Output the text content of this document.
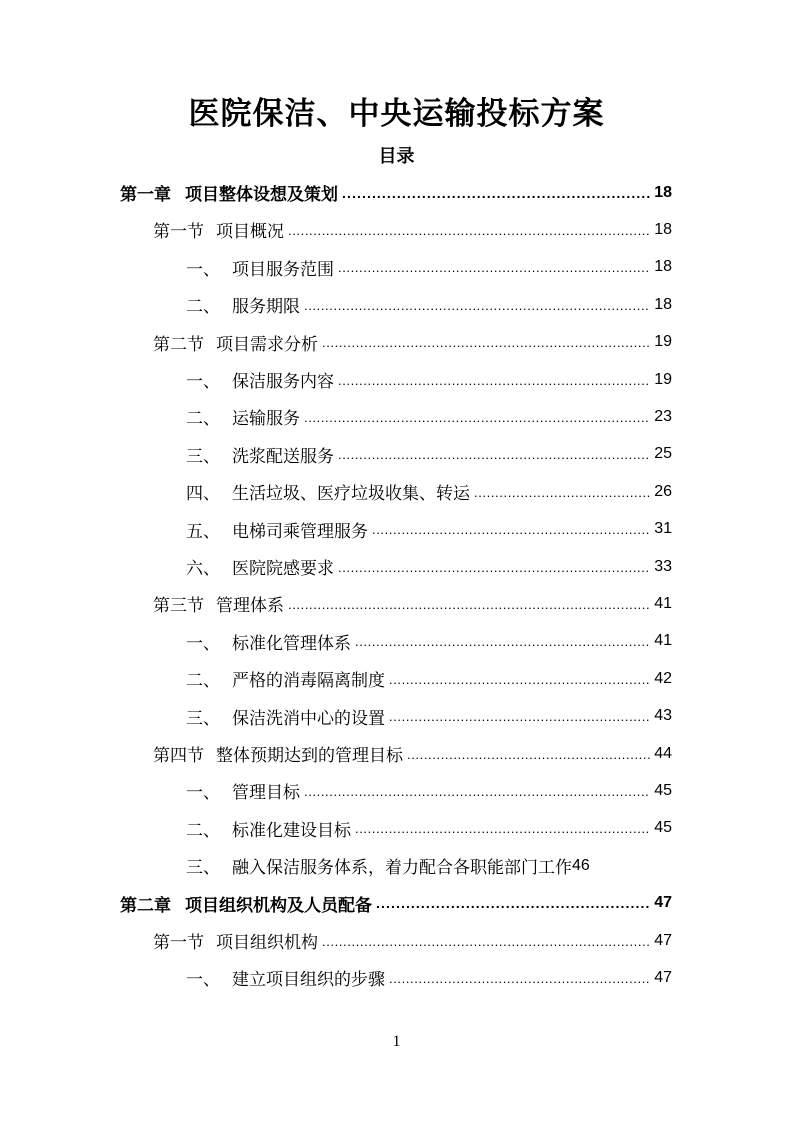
医院保洁、中央运输投标方案
目录
第一章 项目整体设想及策划 .....	18
第一节 项目概况 .....	18
一、 项目服务范围 .....	18
二、 服务期限 .....	18
第二节 项目需求分析 .....	19
一、 保洁服务内容 .....	19
二、 运输服务 .....	23
三、 洗浆配送服务 .....	25
四、 生活垃圾、医疗垃圾收集、转运 .....	26
五、 电梯司乘管理服务 .....	31
六、 医院院感要求 .....	33
第三节 管理体系 .....	41
一、 标准化管理体系 .....	41
二、 严格的消毒隔离制度 .....	42
三、 保洁洗消中心的设置 .....	43
第四节 整体预期达到的管理目标 .....	44
一、 管理目标 .....	45
二、 标准化建设目标 .....	45
三、 融入保洁服务体系，着力配合各职能部门工作 46
第二章 项目组织机构及人员配备 .....	47
第一节 项目组织机构 .....	47
一、 建立项目组织的步骤 .....	47
1
